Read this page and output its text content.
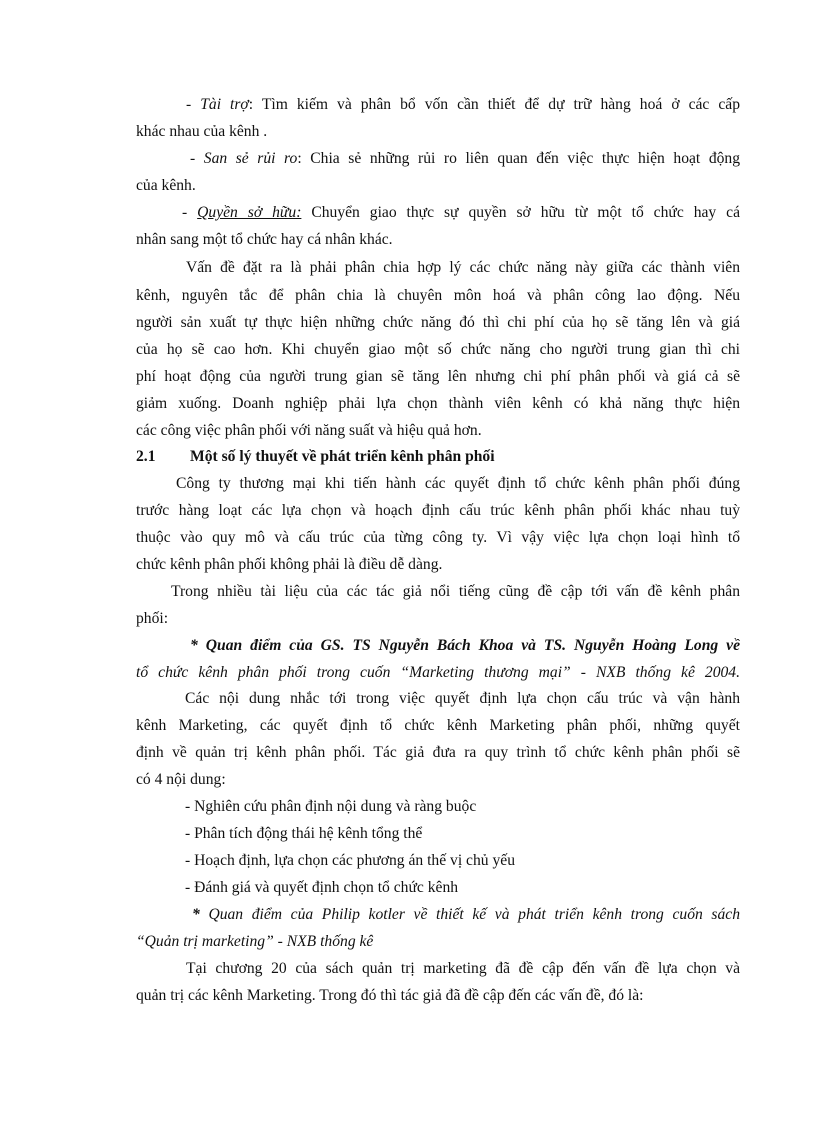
- Tài trợ: Tìm kiếm và phân bổ vốn cần thiết để dự trữ hàng hoá ở các cấp
khác nhau của kênh .
- San sẻ rủi ro: Chia sẻ những rủi ro liên quan đến việc thực hiện hoạt động
của kênh.
- Quyền sở hữu: Chuyển giao thực sự quyền sở hữu từ một tổ chức hay cá
nhân sang một tổ chức hay cá nhân khác.
Vấn đề đặt ra là phải phân chia hợp lý các chức năng này giữa các thành viên
kênh, nguyên tắc để phân chia là chuyên môn hoá và phân công lao động. Nếu
người sản xuất tự thực hiện những chức năng đó thì chi phí của họ sẽ tăng lên và giá
của họ sẽ cao hơn. Khi chuyển giao một số chức năng cho người trung gian thì chi
phí hoạt động của người trung gian sẽ tăng lên nhưng chi phí phân phối và giá cả sẽ
giảm xuống. Doanh nghiệp phải lựa chọn thành viên kênh có khả năng thực hiện
các công việc phân phối với năng suất và hiệu quả hơn.
2.1 Một số lý thuyết về phát triển kênh phân phối
Công ty thương mại khi tiến hành các quyết định tổ chức kênh phân phối đúng
trước hàng loạt các lựa chọn và hoạch định cấu trúc kênh phân phối khác nhau tuỳ
thuộc vào quy mô và cấu trúc của từng công ty. Vì vậy việc lựa chọn loại hình tổ
chức kênh phân phối không phải là điều dễ dàng.
Trong nhiều tài liệu của các tác giả nổi tiếng cũng đề cập tới vấn đề kênh phân
phối:
* Quan điểm của GS. TS Nguyễn Bách Khoa và TS. Nguyễn Hoàng Long về
tổ chức kênh phân phối trong cuốn “Marketing thương mại” - NXB thống kê 2004.
Các nội dung nhắc tới trong việc quyết định lựa chọn cấu trúc và vận hành
kênh Marketing, các quyết định tổ chức kênh Marketing phân phối, những quyết
định về quản trị kênh phân phối. Tác giả đưa ra quy trình tổ chức kênh phân phối sẽ
có 4 nội dung:
- Nghiên cứu phân định nội dung và ràng buộc
- Phân tích động thái hệ kênh tổng thể
- Hoạch định, lựa chọn các phương án thế vị chủ yếu
- Đánh giá và quyết định chọn tổ chức kênh
* Quan điểm của Philip kotler về thiết kế và phát triển kênh trong cuốn sách
“Quản trị marketing” - NXB thống kê
Tại chương 20 của sách quản trị marketing đã đề cập đến vấn đề lựa chọn và
quản trị các kênh Marketing. Trong đó thì tác giả đã đề cập đến các vấn đề, đó là:
